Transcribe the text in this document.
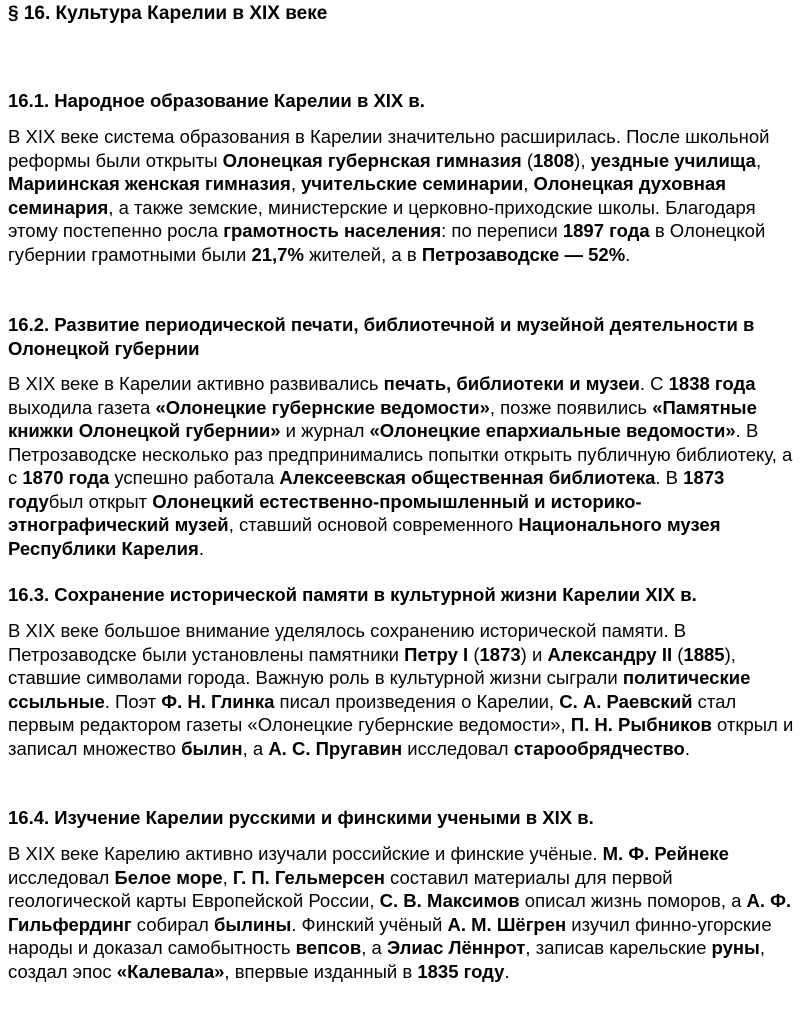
§ 16. Культура Карелии в XIX веке
16.1. Народное образование Карелии в XIX в.

В XIX веке система образования в Карелии значительно расширилась. После школьной реформы были открыты Олонецкая губернская гимназия (1808), уездные училища, Мариинская женская гимназия, учительские семинарии, Олонецкая духовная семинария, а также земские, министерские и церковно-приходские школы. Благодаря этому постепенно росла грамотность населения: по переписи 1897 года в Олонецкой губернии грамотными были 21,7% жителей, а в Петрозаводске — 52%.

16.2. Развитие периодической печати, библиотечной и музейной деятельности в Олонецкой губернии

В XIX веке в Карелии активно развивались печать, библиотеки и музеи. С 1838 года выходила газета «Олонецкие губернские ведомости», позже появились «Памятные книжки Олонецкой губернии» и журнал «Олонецкие епархиальные ведомости». В Петрозаводске несколько раз предпринимались попытки открыть публичную библиотеку, а с 1870 года успешно работала Алексеевская общественная библиотека. В 1873 годубыл открыт Олонецкий естественно-промышленный и историко-этнографический музей, ставший основой современного Национального музея Республики Карелия.

16.3. Сохранение исторической памяти в культурной жизни Карелии XIX в.

В XIX веке большое внимание уделялось сохранению исторической памяти. В Петрозаводске были установлены памятники Петру I (1873) и Александру II (1885), ставшие символами города. Важную роль в культурной жизни сыграли политические ссыльные. Поэт Ф. Н. Глинка писал произведения о Карелии, С. А. Раевский стал первым редактором газеты «Олонецкие губернские ведомости», П. Н. Рыбников открыл и записал множество былин, а А. С. Пругавин исследовал старообрядчество.

16.4. Изучение Карелии русскими и финскими учеными в XIX в.

В XIX веке Карелию активно изучали российские и финские учёные. М. Ф. Рейнеке исследовал Белое море, Г. П. Гельмерсен составил материалы для первой геологической карты Европейской России, С. В. Максимов описал жизнь поморов, а А. Ф. Гильфердинг собирал былины. Финский учёный А. М. Шёгрен изучил финно-угорские народы и доказал самобытность вепсов, а Элиас Лённрот, записав карельские руны, создал эпос «Калевала», впервые изданный в 1835 году.
